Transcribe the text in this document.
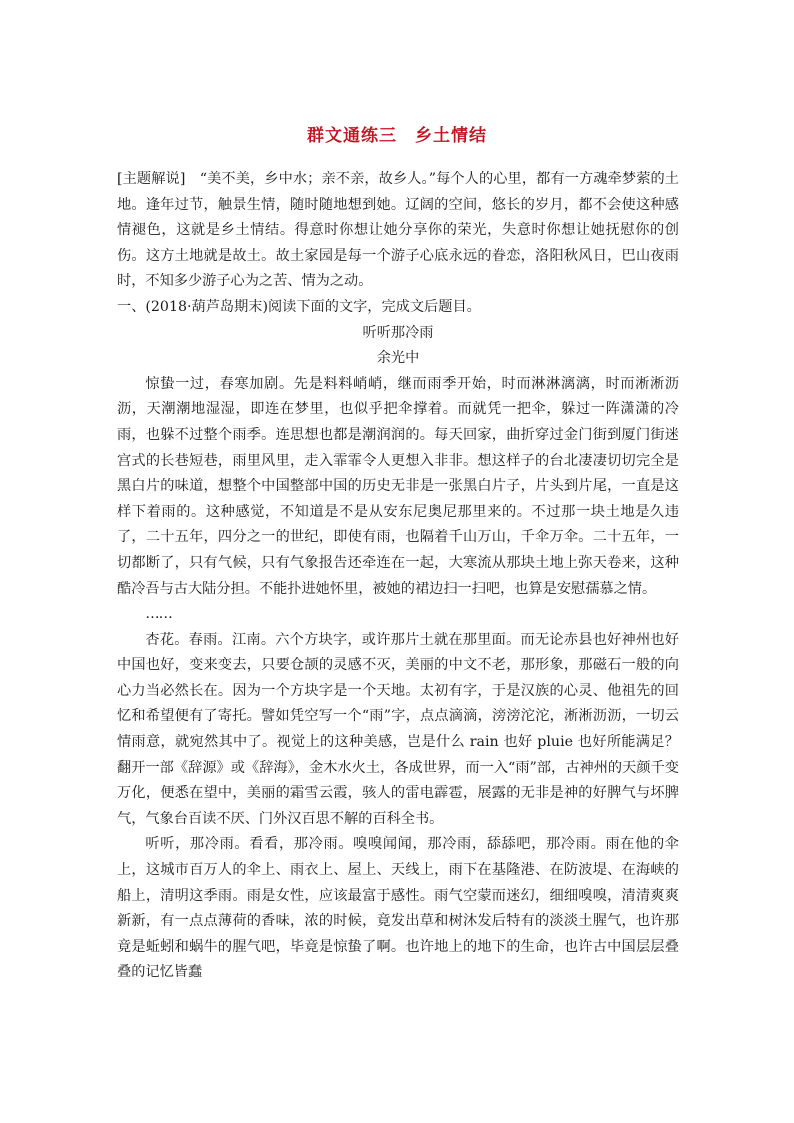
群文通练三　乡土情结

[主题解说]　“美不美，乡中水；亲不亲，故乡人。”每个人的心里，都有一方魂牵梦萦的土地。逢年过节，触景生情，随时随地想到她。辽阔的空间，悠长的岁月，都不会使这种感情褪色，这就是乡土情结。得意时你想让她分享你的荣光，失意时你想让她抚慰你的创伤。这方土地就是故土。故土家园是每一个游子心底永远的眷恋，洛阳秋风日，巴山夜雨时，不知多少游子心为之苦、情为之动。

一、(2018·葫芦岛期末)阅读下面的文字，完成文后题目。

听听那冷雨

余光中

惊蛰一过，春寒加剧。先是料料峭峭，继而雨季开始，时而淋淋漓漓，时而淅淅沥沥，天潮潮地湿湿，即连在梦里，也似乎把伞撑着。而就凭一把伞，躲过一阵潇潇的冷雨，也躲不过整个雨季。连思想也都是潮润润的。每天回家，曲折穿过金门街到厦门街迷宫式的长巷短巷，雨里风里，走入霏霏令人更想入非非。想这样子的台北凄凄切切完全是黑白片的味道，想整个中国整部中国的历史无非是一张黑白片子，片头到片尾，一直是这样下着雨的。这种感觉，不知道是不是从安东尼奥尼那里来的。不过那一块土地是久违了，二十五年，四分之一的世纪，即使有雨，也隔着千山万山，千伞万伞。二十五年，一切都断了，只有气候，只有气象报告还牵连在一起，大寒流从那块土地上弥天卷来，这种酷冷吾与古大陆分担。不能扑进她怀里，被她的裙边扫一扫吧，也算是安慰孺慕之情。

……

杏花。春雨。江南。六个方块字，或许那片土就在那里面。而无论赤县也好神州也好中国也好，变来变去，只要仓颉的灵感不灭，美丽的中文不老，那形象，那磁石一般的向心力当必然长在。因为一个方块字是一个天地。太初有字，于是汉族的心灵、他祖先的回忆和希望便有了寄托。譬如凭空写一个“雨”字，点点滴滴，滂滂沱沱，淅淅沥沥，一切云情雨意，就宛然其中了。视觉上的这种美感，岂是什么 rain 也好 pluie 也好所能满足？翻开一部《辞源》或《辞海》，金木水火土，各成世界，而一入“雨”部，古神州的天颜千变万化，便悉在望中，美丽的霜雪云霞，骇人的雷电霹雹，展露的无非是神的好脾气与坏脾气，气象台百读不厌、门外汉百思不解的百科全书。

听听，那冷雨。看看，那冷雨。嗅嗅闻闻，那冷雨，舔舔吧，那冷雨。雨在他的伞上，这城市百万人的伞上、雨衣上、屋上、天线上，雨下在基隆港、在防波堤、在海峡的船上，清明这季雨。雨是女性，应该最富于感性。雨气空蒙而迷幻，细细嗅嗅，清清爽爽新新，有一点点薄荷的香味，浓的时候，竟发出草和树沐发后特有的淡淡土腥气，也许那竟是蚯蚓和蜗牛的腥气吧，毕竟是惊蛰了啊。也许地上的地下的生命，也许古中国层层叠叠的记忆皆蠢
